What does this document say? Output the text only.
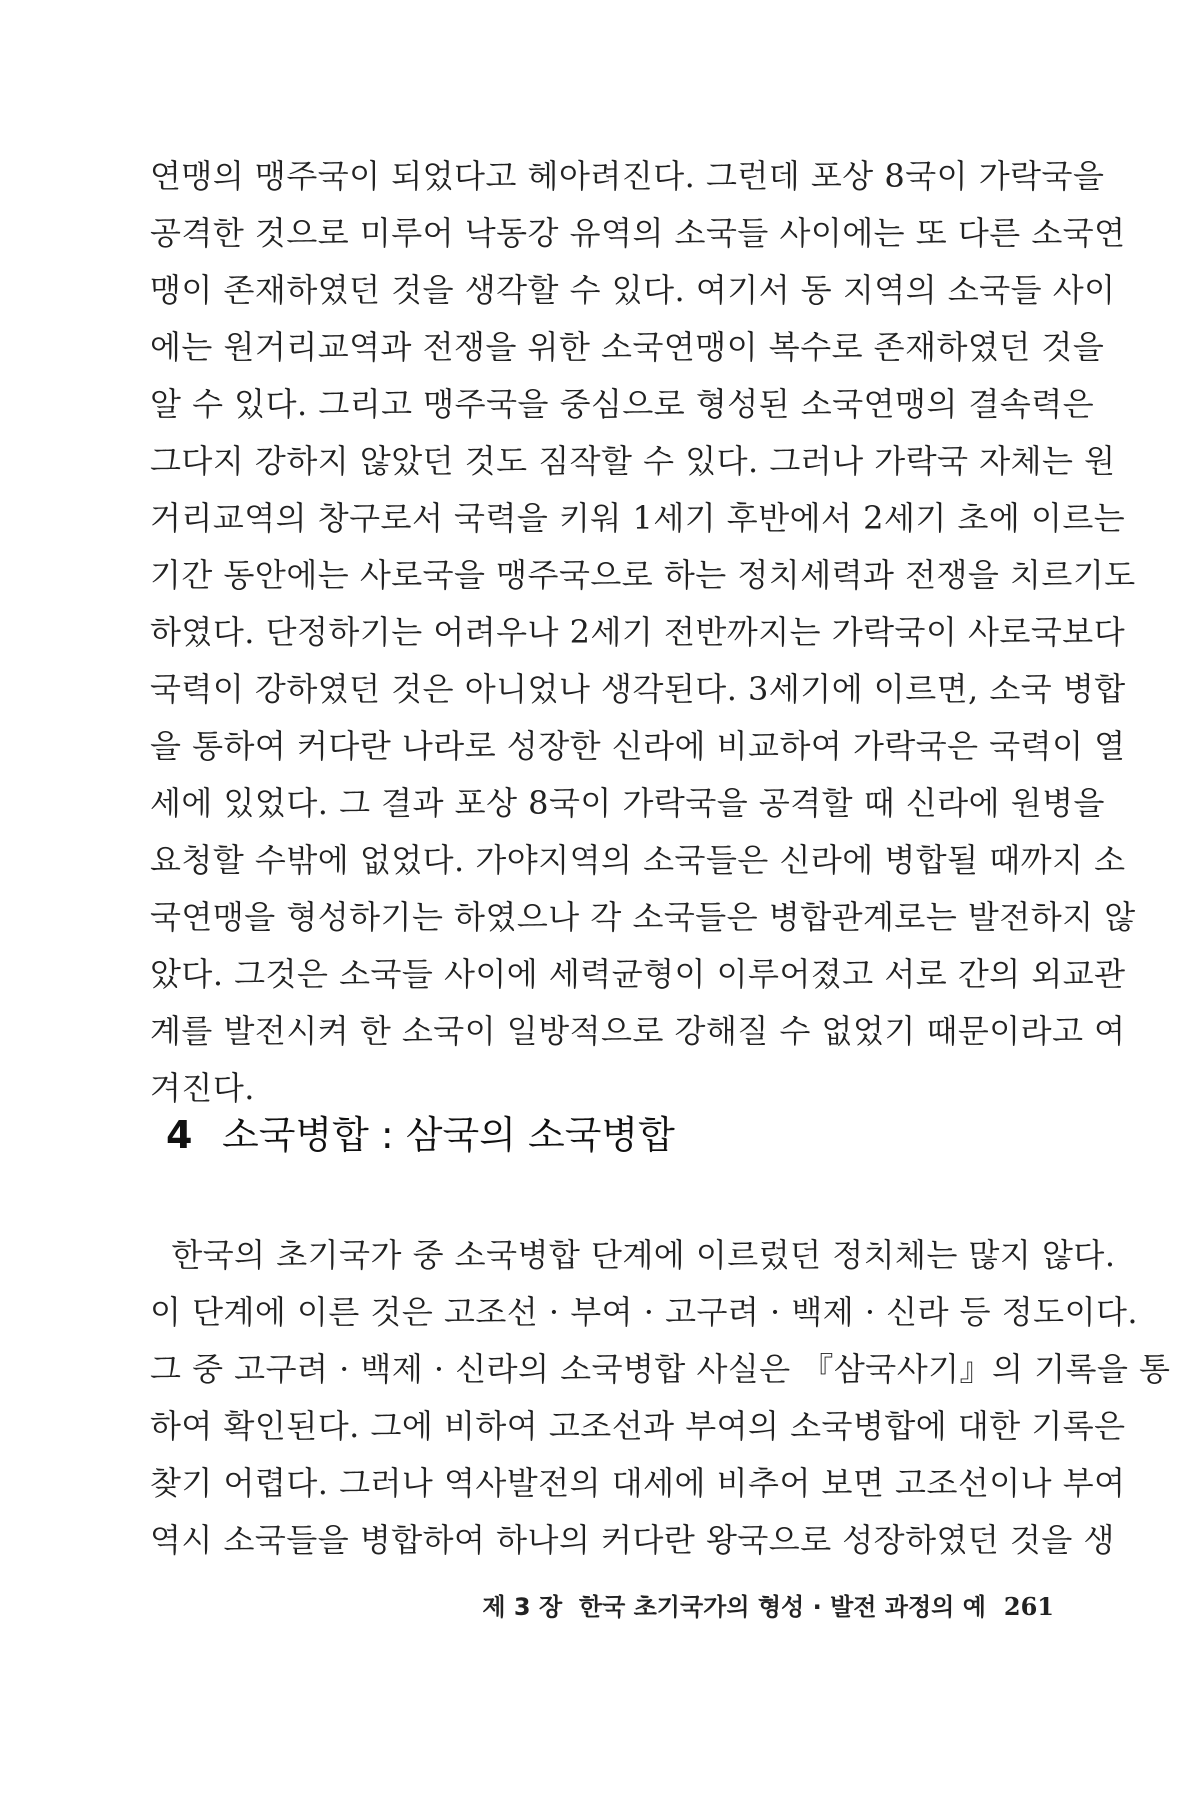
연맹의 맹주국이 되었다고 헤아려진다. 그런데 포상 8국이 가락국을
공격한 것으로 미루어 낙동강 유역의 소국들 사이에는 또 다른 소국연
맹이 존재하였던 것을 생각할 수 있다. 여기서 동 지역의 소국들 사이
에는 원거리교역과 전쟁을 위한 소국연맹이 복수로 존재하였던 것을
알 수 있다. 그리고 맹주국을 중심으로 형성된 소국연맹의 결속력은
그다지 강하지 않았던 것도 짐작할 수 있다. 그러나 가락국 자체는 원
거리교역의 창구로서 국력을 키워 1세기 후반에서 2세기 초에 이르는
기간 동안에는 사로국을 맹주국으로 하는 정치세력과 전쟁을 치르기도
하였다. 단정하기는 어려우나 2세기 전반까지는 가락국이 사로국보다
국력이 강하였던 것은 아니었나 생각된다. 3세기에 이르면, 소국 병합
을 통하여 커다란 나라로 성장한 신라에 비교하여 가락국은 국력이 열
세에 있었다. 그 결과 포상 8국이 가락국을 공격할 때 신라에 원병을
요청할 수밖에 없었다. 가야지역의 소국들은 신라에 병합될 때까지 소
국연맹을 형성하기는 하였으나 각 소국들은 병합관계로는 발전하지 않
았다. 그것은 소국들 사이에 세력균형이 이루어졌고 서로 간의 외교관
계를 발전시켜 한 소국이 일방적으로 강해질 수 없었기 때문이라고 여
겨진다.
4 소국병합 : 삼국의 소국병합
한국의 초기국가 중 소국병합 단계에 이르렀던 정치체는 많지 않다.
이 단계에 이른 것은 고조선 · 부여 · 고구려 · 백제 · 신라 등 정도이다.
그 중 고구려 · 백제 · 신라의 소국병합 사실은 『삼국사기』의 기록을 통
하여 확인된다. 그에 비하여 고조선과 부여의 소국병합에 대한 기록은
찾기 어렵다. 그러나 역사발전의 대세에 비추어 보면 고조선이나 부여
역시 소국들을 병합하여 하나의 커다란 왕국으로 성장하였던 것을 생
제 3 장  한국 초기국가의 형성 · 발전 과정의 예 261
